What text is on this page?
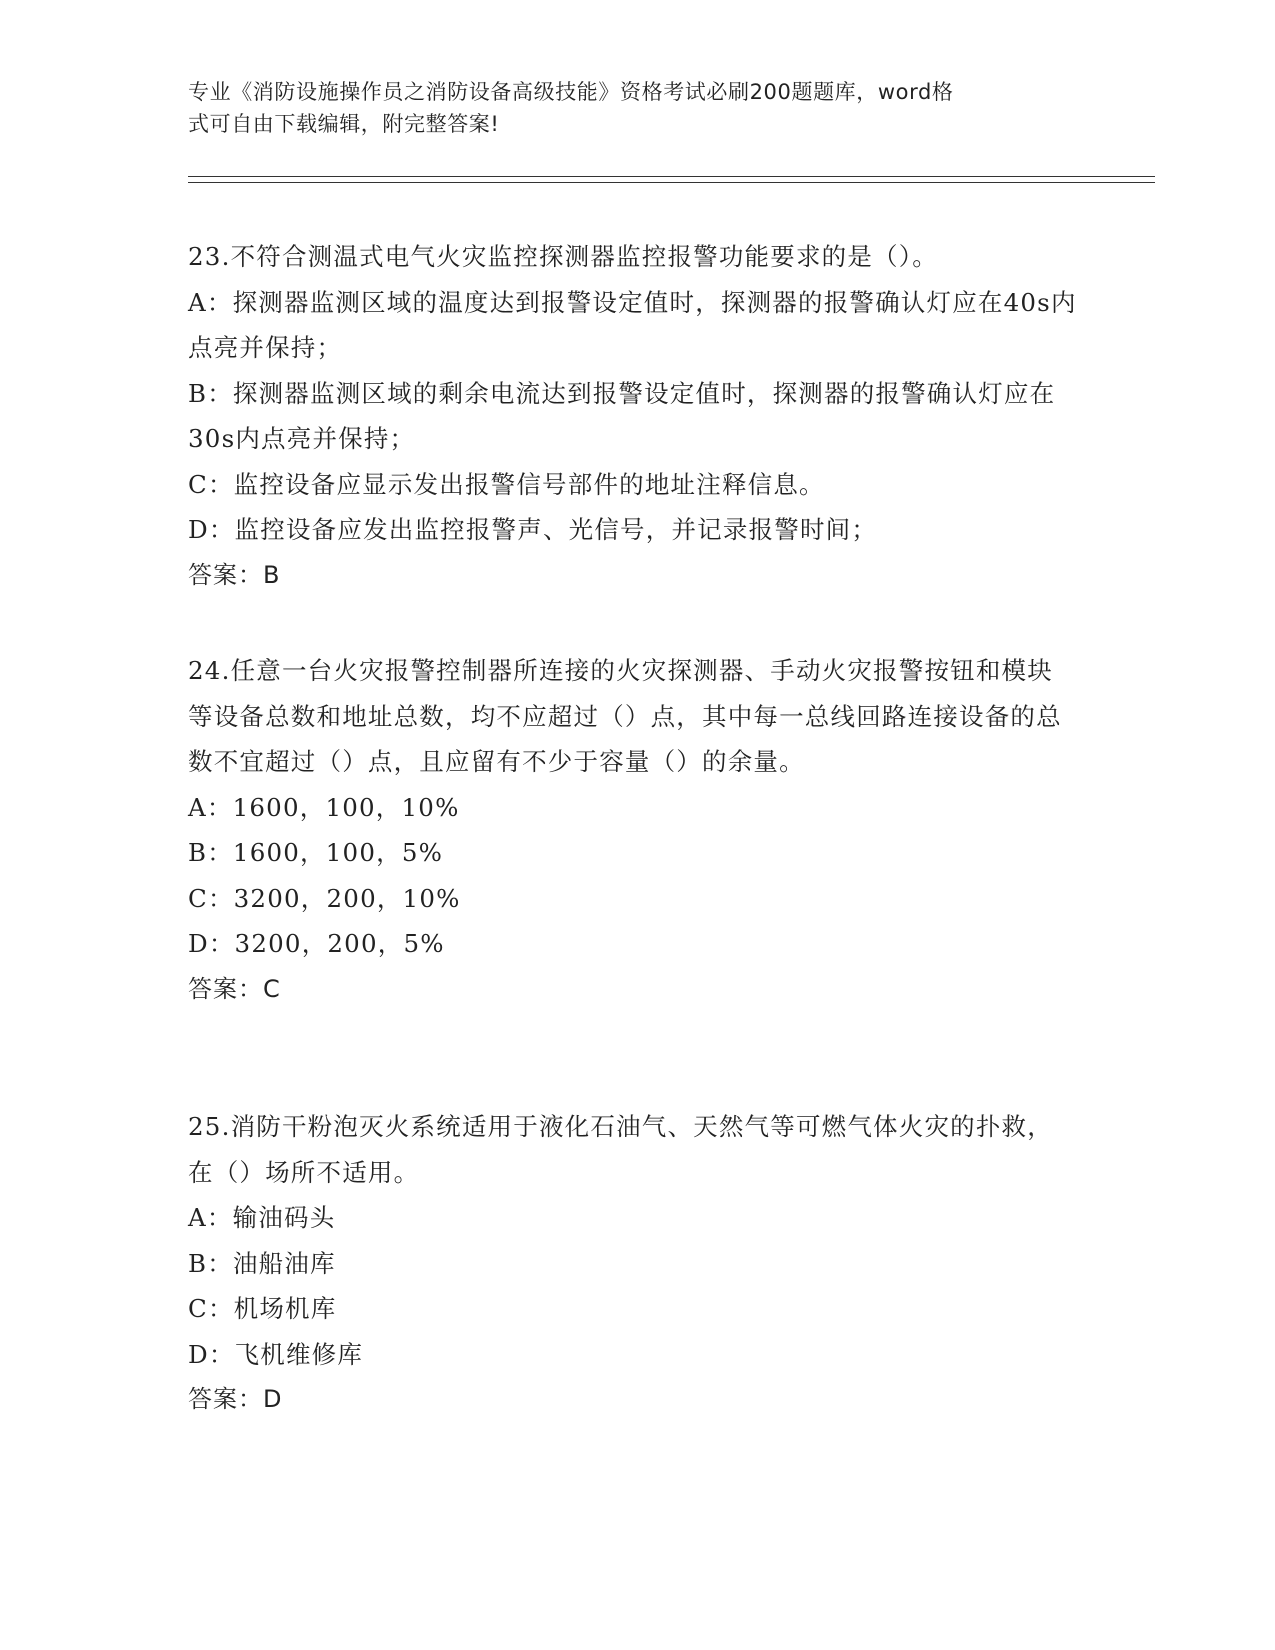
专业《消防设施操作员之消防设备高级技能》资格考试必刷200题题库，word格
式可自由下载编辑，附完整答案!

23.不符合测温式电气火灾监控探测器监控报警功能要求的是（）。

A：探测器监测区域的温度达到报警设定值时，探测器的报警确认灯应在40s内点亮并保持；

B：探测器监测区域的剩余电流达到报警设定值时，探测器的报警确认灯应在30s内点亮并保持；

C：监控设备应显示发出报警信号部件的地址注释信息。

D：监控设备应发出监控报警声、光信号，并记录报警时间；

答案：B

24.任意一台火灾报警控制器所连接的火灾探测器、手动火灾报警按钮和模块等设备总数和地址总数，均不应超过（）点，其中每一总线回路连接设备的总数不宜超过（）点，且应留有不少于容量（）的余量。

A：1600，100，10%

B：1600，100，5%

C：3200，200，10%

D：3200，200，5%

答案：C

25.消防干粉泡灭火系统适用于液化石油气、天然气等可燃气体火灾的扑救，在（）场所不适用。

A：输油码头

B：油船油库

C：机场机库

D：飞机维修库

答案：D
